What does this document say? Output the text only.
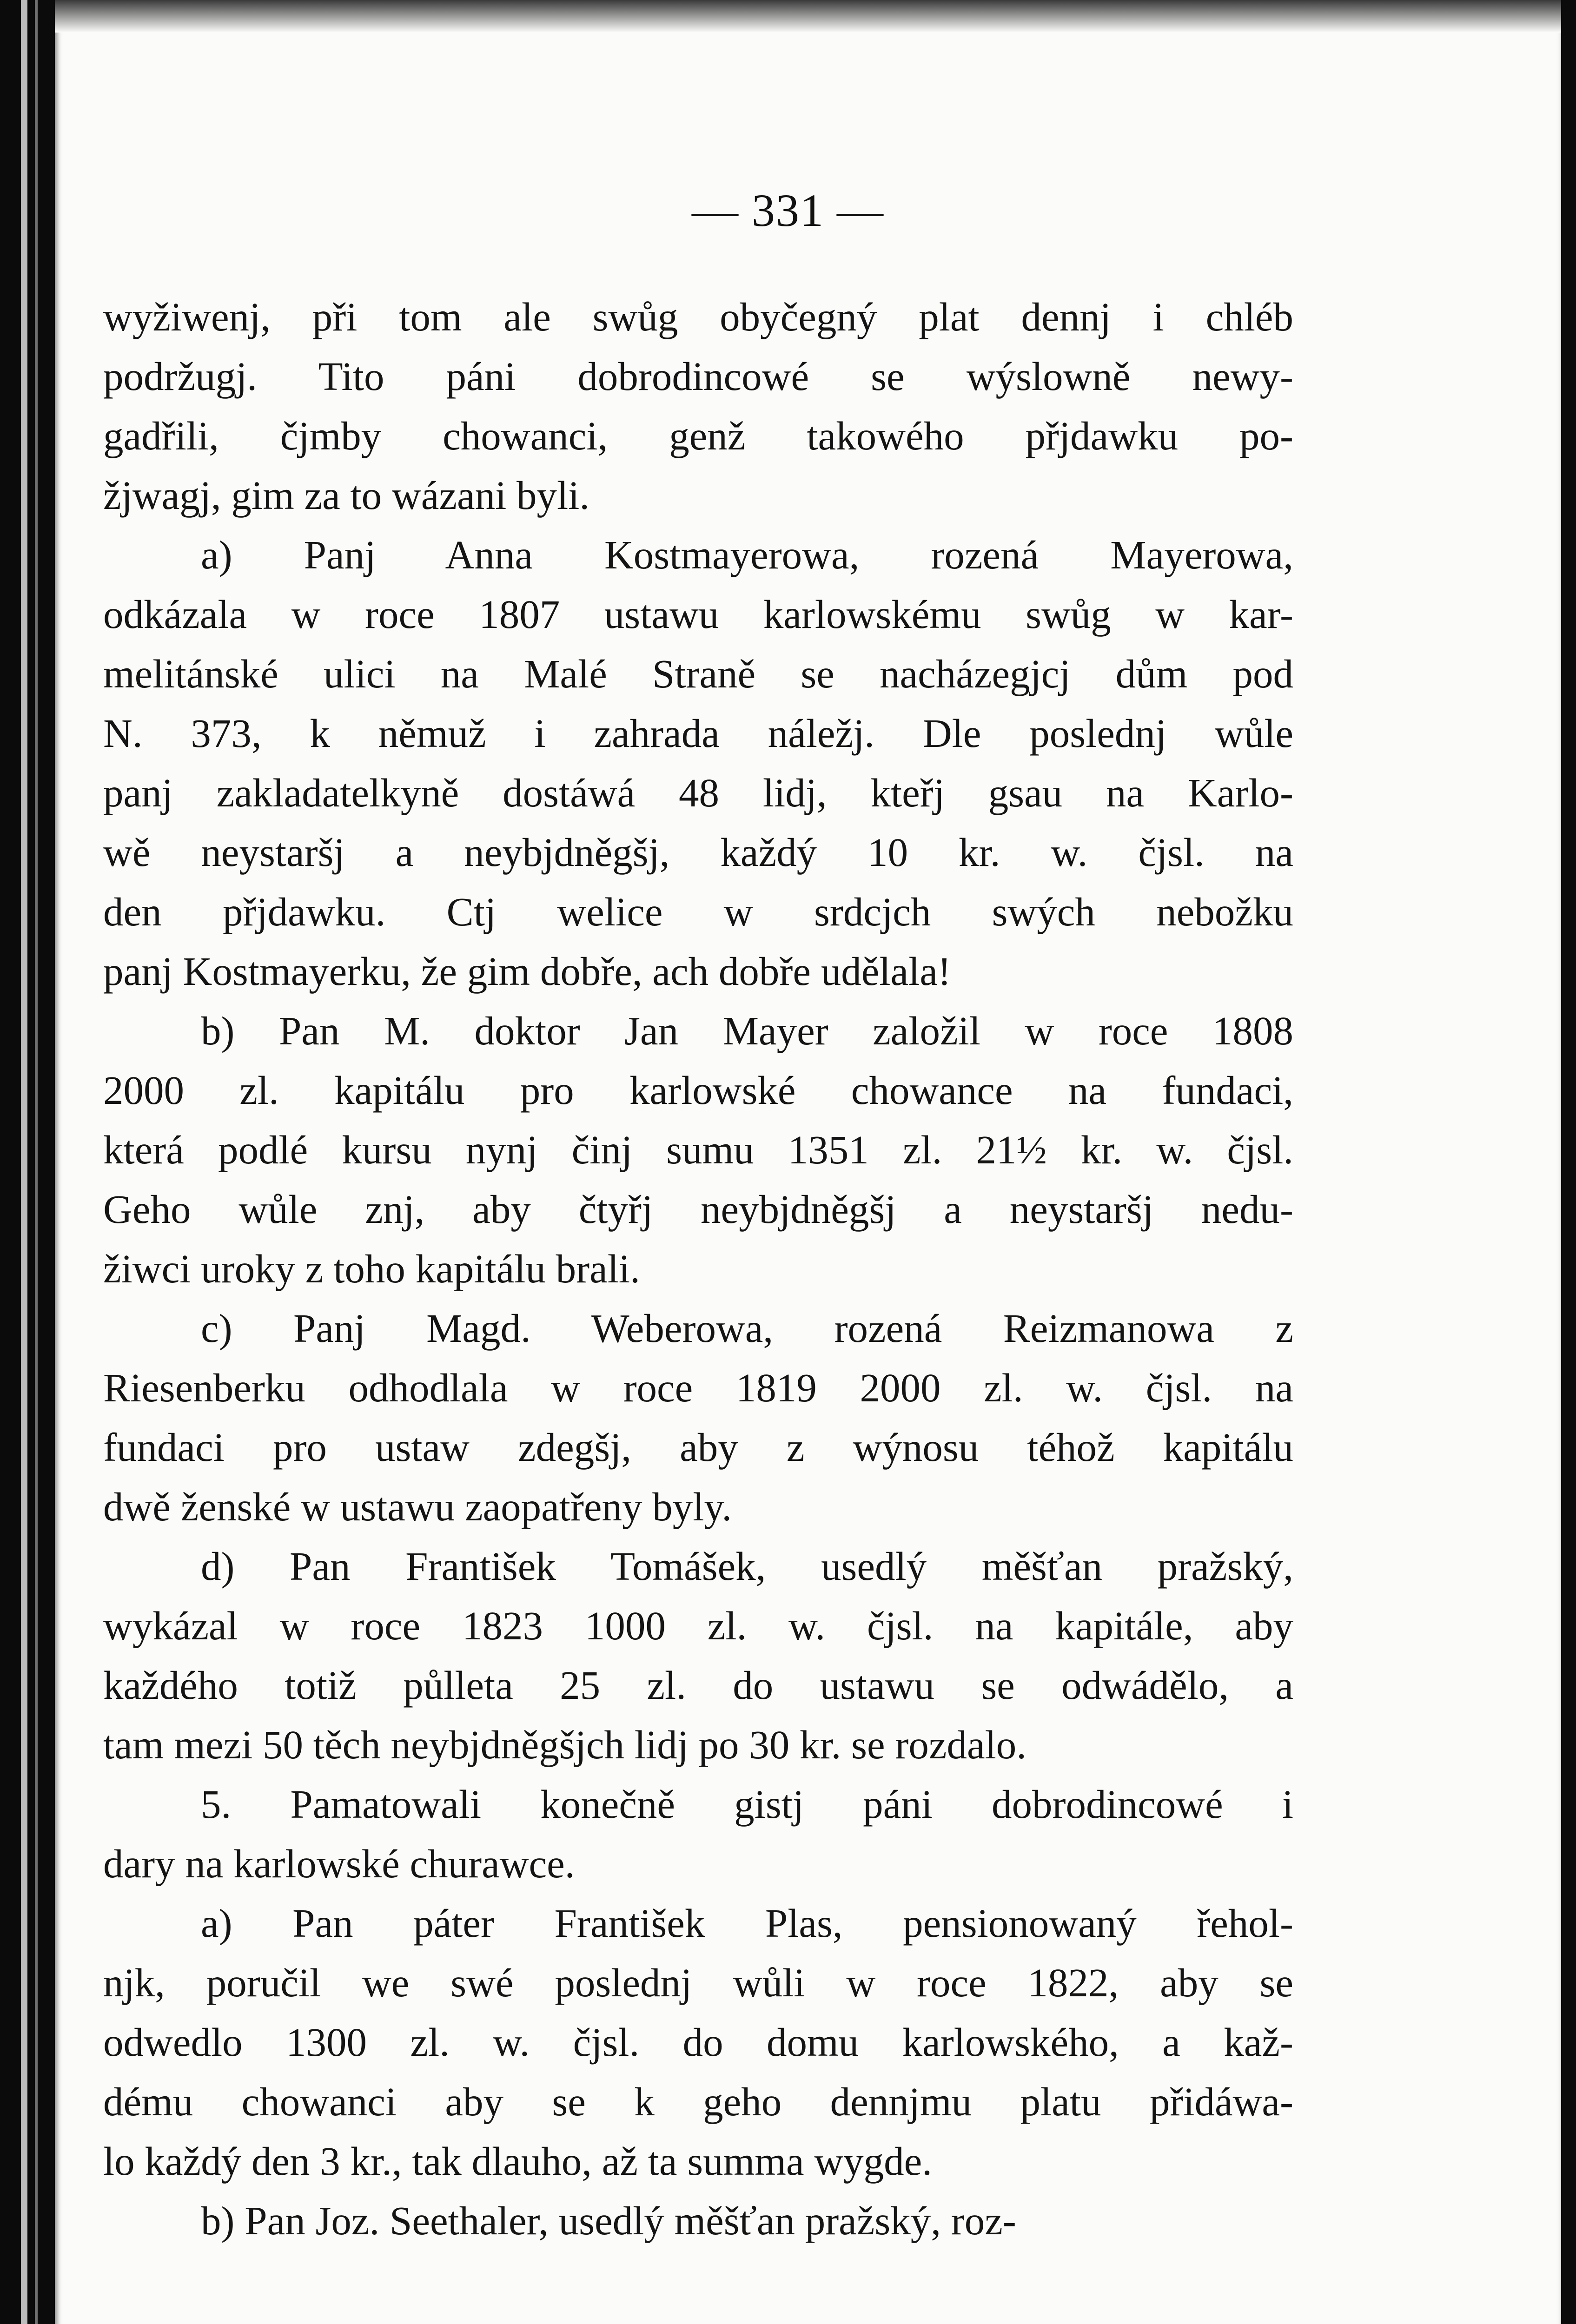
— 331 —
wyžiwenj, při tom ale swůg obyčegný plat dennj i chléb
podržugj. Tito páni dobrodincowé se wýslowně newy-
gadřili, čjmby chowanci, genž takowého přjdawku po-
žjwagj, gim za to wázani byli.
a) Panj Anna Kostmayerowa, rozená Mayerowa,
odkázala w roce 1807 ustawu karlowskému swůg w kar-
melitánské ulici na Malé Straně se nacházegjcj dům pod
N. 373, k němuž i zahrada náležj. Dle poslednj wůle
panj zakladatelkyně dostáwá 48 lidj, kteřj gsau na Karlo-
wě neystaršj a neybjdněgšj, každý 10 kr. w. čjsl. na
den přjdawku. Ctj welice w srdcjch swých nebožku
panj Kostmayerku, že gim dobře, ach dobře udělala!
b) Pan M. doktor Jan Mayer založil w roce 1808
2000 zl. kapitálu pro karlowské chowance na fundaci,
která podlé kursu nynj činj sumu 1351 zl. 21½ kr. w. čjsl.
Geho wůle znj, aby čtyřj neybjdněgšj a neystaršj nedu-
žiwci uroky z toho kapitálu brali.
c) Panj Magd. Weberowa, rozená Reizmanowa z
Riesenberku odhodlala w roce 1819 2000 zl. w. čjsl. na
fundaci pro ustaw zdegšj, aby z wýnosu téhož kapitálu
dwě ženské w ustawu zaopatřeny byly.
d) Pan František Tomášek, usedlý měšťan pražský,
wykázal w roce 1823 1000 zl. w. čjsl. na kapitále, aby
každého totiž půlleta 25 zl. do ustawu se odwádělo, a
tam mezi 50 těch neybjdněgšjch lidj po 30 kr. se rozdalo.
5. Pamatowali konečně gistj páni dobrodincowé i
dary na karlowské churawce.
a) Pan páter František Plas, pensionowaný řehol-
njk, poručil we swé poslednj wůli w roce 1822, aby se
odwedlo 1300 zl. w. čjsl. do domu karlowského, a kaž-
dému chowanci aby se k geho dennjmu platu přidáwa-
lo každý den 3 kr., tak dlauho, až ta summa wygde.
b) Pan Joz. Seethaler, usedlý měšťan pražský, roz-
